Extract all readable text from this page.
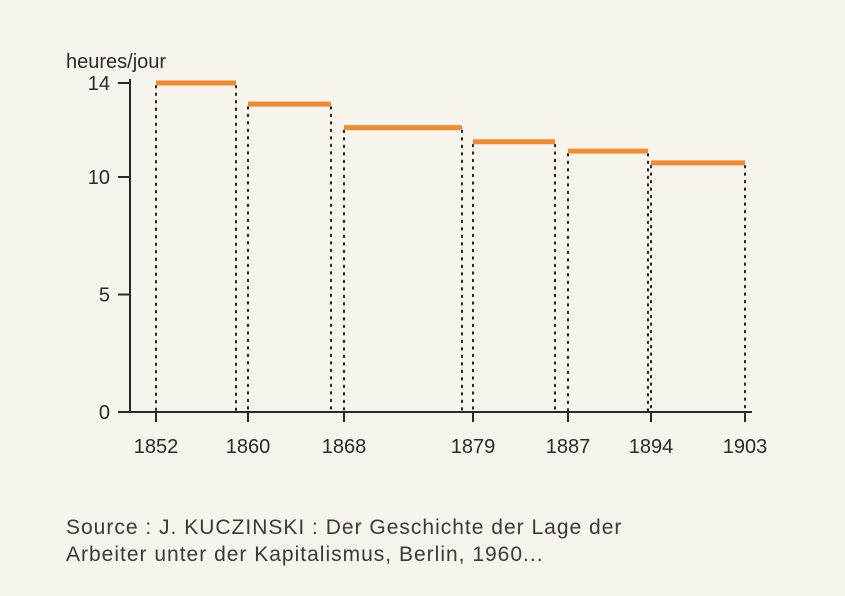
0
5
10
14
1852 1860	1868	1879	1887 1894 1903
heures/jour
Source : J. KUCZINSKI : Der Geschichte der Lage der
Arbeiter unter der Kapitalismus, Berlin, 1960...
